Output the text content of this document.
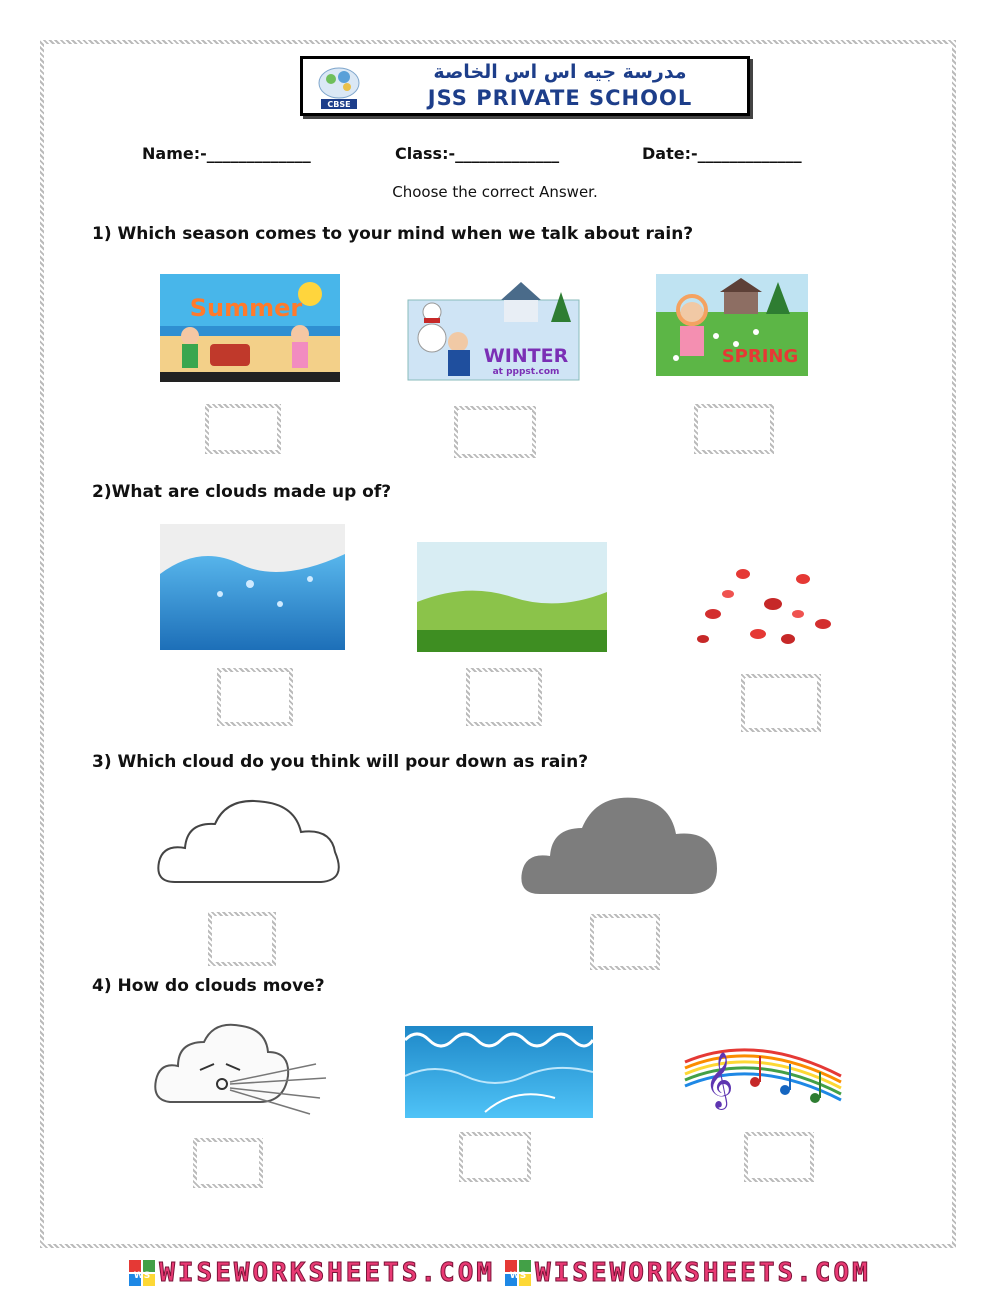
CBSE
مدرسة جيه اس اس الخاصة
JSS PRIVATE SCHOOL
Name:-_____________	Class:-_____________	Date:-_____________
Choose the correct Answer.
1) Which season comes to your mind when we talk about rain?
Summer
WINTER
at pppst.com
SPRING
2)What are clouds made up of?
3) Which cloud do you think will pour down as rain?
4) How do clouds move?
𝄞
WS WISEWORKSHEETS.COM WS WISEWORKSHEETS.COM
